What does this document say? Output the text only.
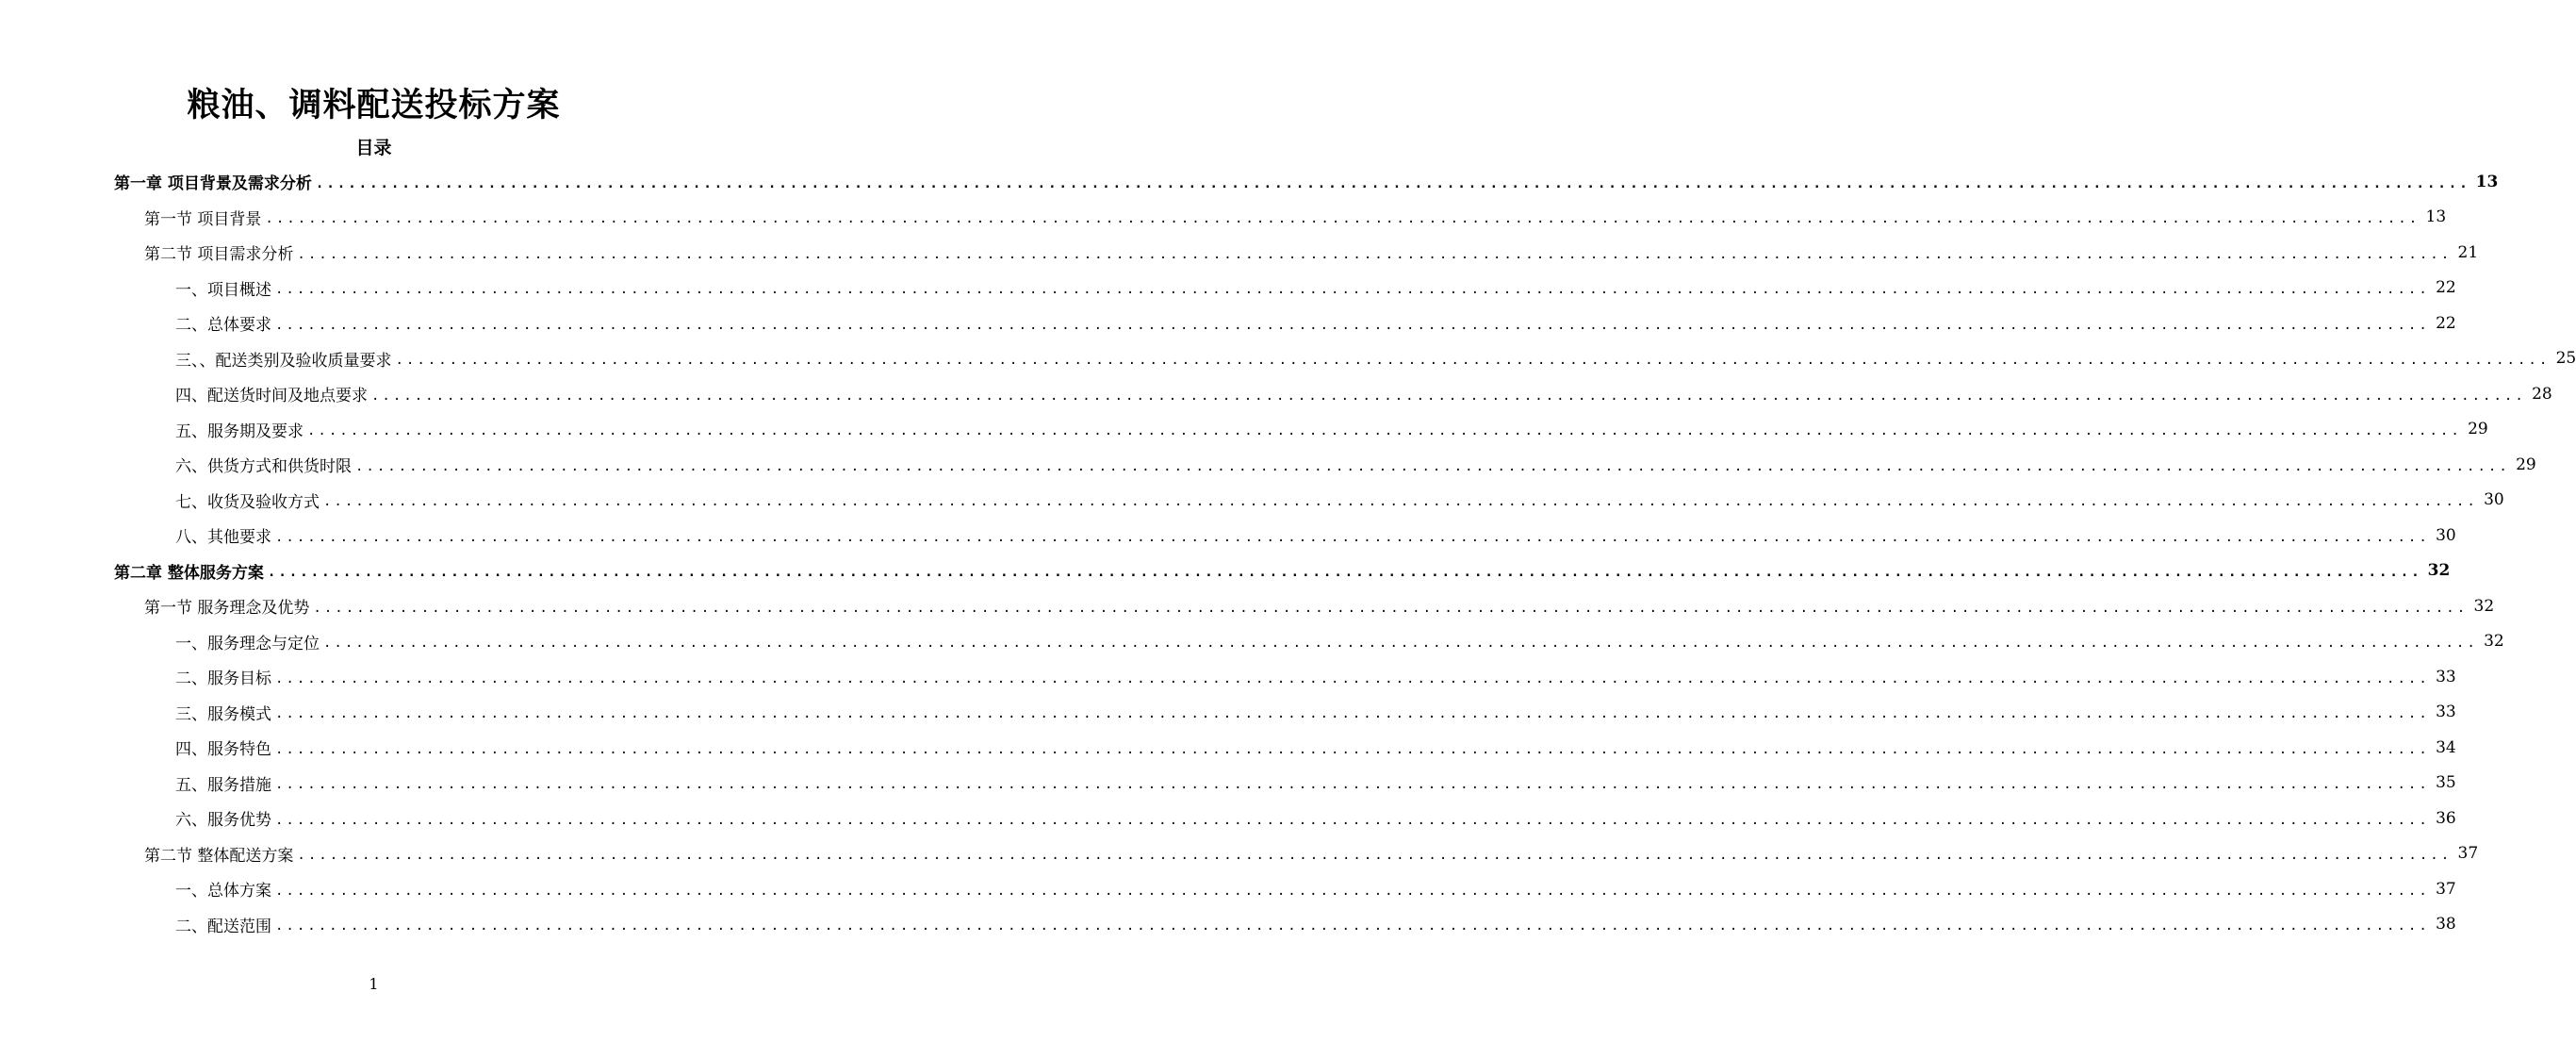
粮油、调料配送投标方案
目录
第一章 项目背景及需求分析 ........................................................................................................................................................................................................ 13
第一节 项目背景 ........................................................................................................................................................................................................ 13
第二节 项目需求分析 ........................................................................................................................................................................................................ 21
一、项目概述 ........................................................................................................................................................................................................ 22
二、总体要求 ........................................................................................................................................................................................................ 22
三、、配送类别及验收质量要求 ........................................................................................................................................................................................................ 25
四、配送货时间及地点要求 ........................................................................................................................................................................................................ 28
五、服务期及要求 ........................................................................................................................................................................................................ 29
六、供货方式和供货时限 ........................................................................................................................................................................................................ 29
七、收货及验收方式 ........................................................................................................................................................................................................ 30
八、其他要求 ........................................................................................................................................................................................................ 30
第二章 整体服务方案 ........................................................................................................................................................................................................ 32
第一节 服务理念及优势 ........................................................................................................................................................................................................ 32
一、服务理念与定位 ........................................................................................................................................................................................................ 32
二、服务目标 ........................................................................................................................................................................................................ 33
三、服务模式 ........................................................................................................................................................................................................ 33
四、服务特色 ........................................................................................................................................................................................................ 34
五、服务措施 ........................................................................................................................................................................................................ 35
六、服务优势 ........................................................................................................................................................................................................ 36
第二节 整体配送方案 ........................................................................................................................................................................................................ 37
一、总体方案 ........................................................................................................................................................................................................ 37
二、配送范围 ........................................................................................................................................................................................................ 38
1
